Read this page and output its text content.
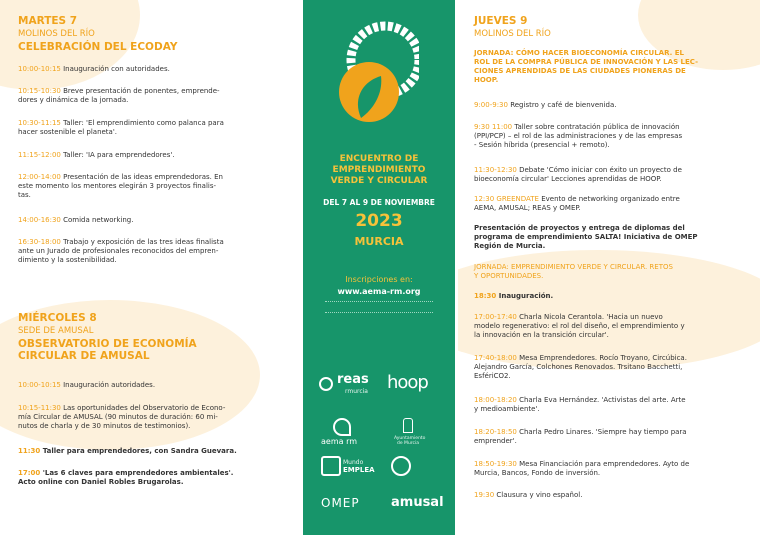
MARTES 7
MOLINOS DEL RÍO
CELEBRACIÓN DEL ECODAY
10:00-10:15 Inauguración con autoridades.
10:15-10:30 Breve presentación de ponentes, emprende-
dores y dinámica de la jornada.
10:30-11:15 Taller: 'El emprendimiento como palanca para
hacer sostenible el planeta'.
11:15-12:00 Taller: 'IA para emprendedores'.
12:00-14:00 Presentación de las ideas emprendedoras. En
este momento los mentores elegirán 3 proyectos finalis-
tas.
14:00-16:30 Comida networking.
16:30-18:00 Trabajo y exposición de las tres ideas finalista
ante un Jurado de profesionales reconocidos del empren-
dimiento y la sostenibilidad.
MIÉRCOLES 8
SEDE DE AMUSAL
OBSERVATORIO DE ECONOMÍA
CIRCULAR DE AMUSAL
10:00-10:15 Inauguración autoridades.
10:15-11:30 Las oportunidades del Observatorio de Econo-
mía Circular de AMUSAL (90 minutos de duración: 60 mi-
nutos de charla y de 30 minutos de testimonios).
11:30 Taller para emprendedores, con Sandra Guevara.
17:00 'Las 6 claves para emprendedores ambientales'.
Acto online con Daniel Robles Brugarolas.
ENCUENTRO DE
EMPRENDIMIENTO
VERDE Y CIRCULAR
DEL 7 AL 9 DE NOVIEMBRE
2023
MURCIA
Inscripciones en:
www.aema-rm.org
reas
rmurcia hoop
aema rm	Ayuntamiento
de Murcia
Mundo
EMPLEA
OMEP amusal
JUEVES 9
MOLINOS DEL RÍO
JORNADA: CÓMO HACER BIOECONOMÍA CIRCULAR. EL
ROL DE LA COMPRA PÚBLICA DE INNOVACIÓN Y LAS LEC-
CIONES APRENDIDAS DE LAS CIUDADES PIONERAS DE
HOOP.
9:00-9:30 Registro y café de bienvenida.
9:30 11:00 Taller sobre contratación pública de innovación
(PPI/PCP) – el rol de las administraciones y de las empresas
- Sesión híbrida (presencial + remoto).
11:30-12:30 Debate 'Cómo iniciar con éxito un proyecto de
bioeconomía circular' Lecciones aprendidas de HOOP.
12:30 GREENDATE Evento de networking organizado entre
AEMA, AMUSAL; REAS y OMEP.
Presentación de proyectos y entrega de diplomas del
programa de emprendimiento SALTA! Iniciativa de OMEP
Región de Murcia.
JORNADA: EMPRENDIMIENTO VERDE Y CIRCULAR. RETOS
Y OPORTUNIDADES.
18:30 Inauguración.
17:00-17:40 Charla Nicola Cerantola. 'Hacia un nuevo
modelo regenerativo: el rol del diseño, el emprendimiento y
la innovación en la transición circular'.
17:40-18:00 Mesa Emprendedores. Rocío Troyano, Circúbica.
Alejandro García, Colchones Renovados. Trsitano Bacchetti,
EsfériCO2.
18:00-18:20 Charla Eva Hernández. 'Activistas del arte. Arte
y medioambiente'.
18:20-18:50 Charla Pedro Linares. 'Siempre hay tiempo para
emprender'.
18:50-19:30 Mesa Financiación para emprendedores. Ayto de
Murcia, Bancos, Fondo de inversión.
19:30 Clausura y vino español.
